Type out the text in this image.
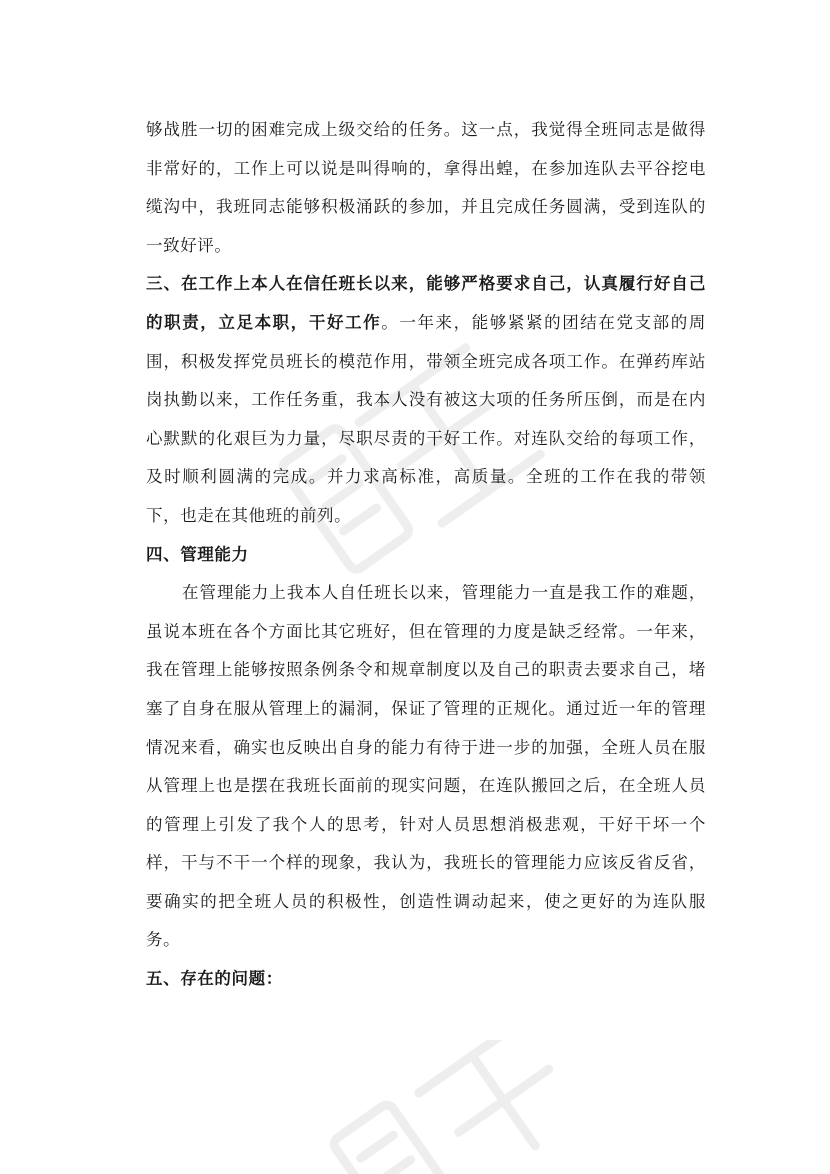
够战胜一切的困难完成上级交给的任务。这一点，我觉得全班同志是做得非常好的，工作上可以说是叫得响的，拿得出蝗，在参加连队去平谷挖电缆沟中，我班同志能够积极涌跃的参加，并且完成任务圆满，受到连队的一致好评。

三、在工作上本人在信任班长以来，能够严格要求自己，认真履行好自己的职责，立足本职，干好工作。一年来，能够紧紧的团结在党支部的周围，积极发挥党员班长的模范作用，带领全班完成各项工作。在弹药库站岗执勤以来，工作任务重，我本人没有被这大项的任务所压倒，而是在内心默默的化艰巨为力量，尽职尽责的干好工作。对连队交给的每项工作，及时顺利圆满的完成。并力求高标准，高质量。全班的工作在我的带领下，也走在其他班的前列。

四、管理能力

在管理能力上我本人自任班长以来，管理能力一直是我工作的难题，虽说本班在各个方面比其它班好，但在管理的力度是缺乏经常。一年来，我在管理上能够按照条例条令和规章制度以及自己的职责去要求自己，堵塞了自身在服从管理上的漏洞，保证了管理的正规化。通过近一年的管理情况来看，确实也反映出自身的能力有待于进一步的加强，全班人员在服从管理上也是摆在我班长面前的现实问题，在连队搬回之后，在全班人员的管理上引发了我个人的思考，针对人员思想消极悲观，干好干坏一个样，干与不干一个样的现象，我认为，我班长的管理能力应该反省反省，要确实的把全班人员的积极性，创造性调动起来，使之更好的为连队服务。

五、存在的问题：
